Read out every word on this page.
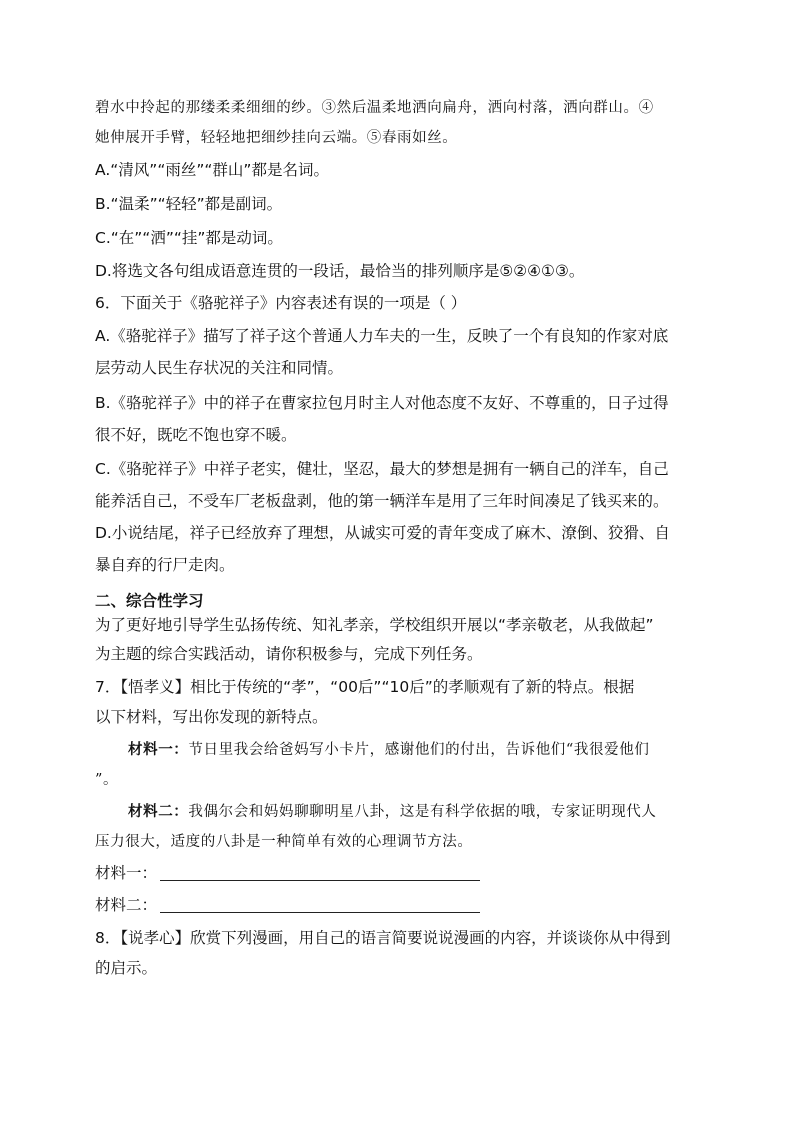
碧水中拎起的那缕柔柔细细的纱。③然后温柔地洒向扁舟，洒向村落，洒向群山。④
她伸展开手臂，轻轻地把细纱挂向云端。⑤春雨如丝。
A.“清风”“雨丝”“群山”都是名词。
B.“温柔”“轻轻”都是副词。
C.“在”“洒”“挂”都是动词。
D.将选文各句组成语意连贯的一段话，最恰当的排列顺序是⑤②④①③。
6．下面关于《骆驼祥子》内容表述有误的一项是（ ）
A.《骆驼祥子》描写了祥子这个普通人力车夫的一生，反映了一个有良知的作家对底
层劳动人民生存状况的关注和同情。
B.《骆驼祥子》中的祥子在曹家拉包月时主人对他态度不友好、不尊重的，日子过得
很不好，既吃不饱也穿不暖。
C.《骆驼祥子》中祥子老实，健壮，坚忍，最大的梦想是拥有一辆自己的洋车，自己
能养活自己，不受车厂老板盘剥，他的第一辆洋车是用了三年时间凑足了钱买来的。
D.小说结尾，祥子已经放弃了理想，从诚实可爱的青年变成了麻木、潦倒、狡猾、自
暴自弃的行尸走肉。
二、综合性学习
为了更好地引导学生弘扬传统、知礼孝亲，学校组织开展以“孝亲敬老，从我做起”
为主题的综合实践活动，请你积极参与，完成下列任务。
7．【悟孝义】相比于传统的“孝”，“00后”“10后”的孝顺观有了新的特点。根据
以下材料，写出你发现的新特点。
材料一：节日里我会给爸妈写小卡片，感谢他们的付出，告诉他们“我很爱他们
”。
材料二：我偶尔会和妈妈聊聊明星八卦，这是有科学依据的哦，专家证明现代人
压力很大，适度的八卦是一种简单有效的心理调节方法。
材料一：
材料二：
8．【说孝心】欣赏下列漫画，用自己的语言简要说说漫画的内容，并谈谈你从中得到
的启示。
